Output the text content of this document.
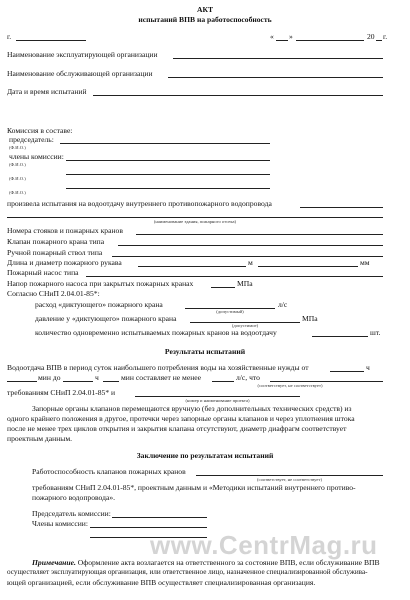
АКТ
испытаний ВПВ на работоспособность
г.	« »	20 г.
Наименование эксплуатирующей организации
Наименование обслуживающей организации
Дата и время испытаний
Комиссия в составе:
председатель:
(Ф.И.О.)
члены комиссии:
(Ф.И.О.)
(Ф.И.О.)
(Ф.И.О.)
произвела испытания на водоотдачу внутреннего противопожарного водопровода
(наименование здания, пожарного отсека)
Номера стояков и пожарных кранов
Клапан пожарного крана типа
Ручной пожарный ствол типа
Длина и диаметр пожарного рукава	м	мм
Пожарный насос типа
Напор пожарного насоса при закрытых пожарных кранах	МПа
Согласно СНиП 2.04.01-85*:
расход «диктующего» пожарного крана	л/с
(допустимый)
давление у «диктующего» пожарного крана	МПа
(допустимое)
количество одновременно испытываемых пожарных кранов на водоотдачу	шт.
Результаты испытаний
Водоотдача ВПВ в период суток наибольшего потребления воды на хозяйственные нужды от	ч
мин до	ч	мин составляет не менее	л/с, что
(соответствует, не соответствует)
требованиям СНиП 2.04.01-85* и
(номер и наименование проекта)
Запорные органы клапанов перемещаются вручную (без дополнительных технических средств) из
одного крайнего положения в другое, протечки через запорные органы клапанов и через уплотнения штока
после не менее трех циклов открытия и закрытия клапана отсутствуют, диаметр диафрагм соответствует
проектным данным.
Заключение по результатам испытаний
Работоспособность клапанов пожарных кранов
(соответствует, не соответствует)
требованиям СНиП 2.04.01-85*, проектным данным и «Методики испытаний внутреннего противо-
пожарного водопровода».
Председатель комиссии:
Члены комиссии:
www.CentrMag.ru
Примечание. Оформление акта возлагается на ответственного за состояние ВПВ, если обслуживание ВПВ
осуществляет эксплуатирующая организация, или ответственное лицо, назначенное специализированной обслужива-
ющей организацией, если обслуживание ВПВ осуществляет специализированная организация.
